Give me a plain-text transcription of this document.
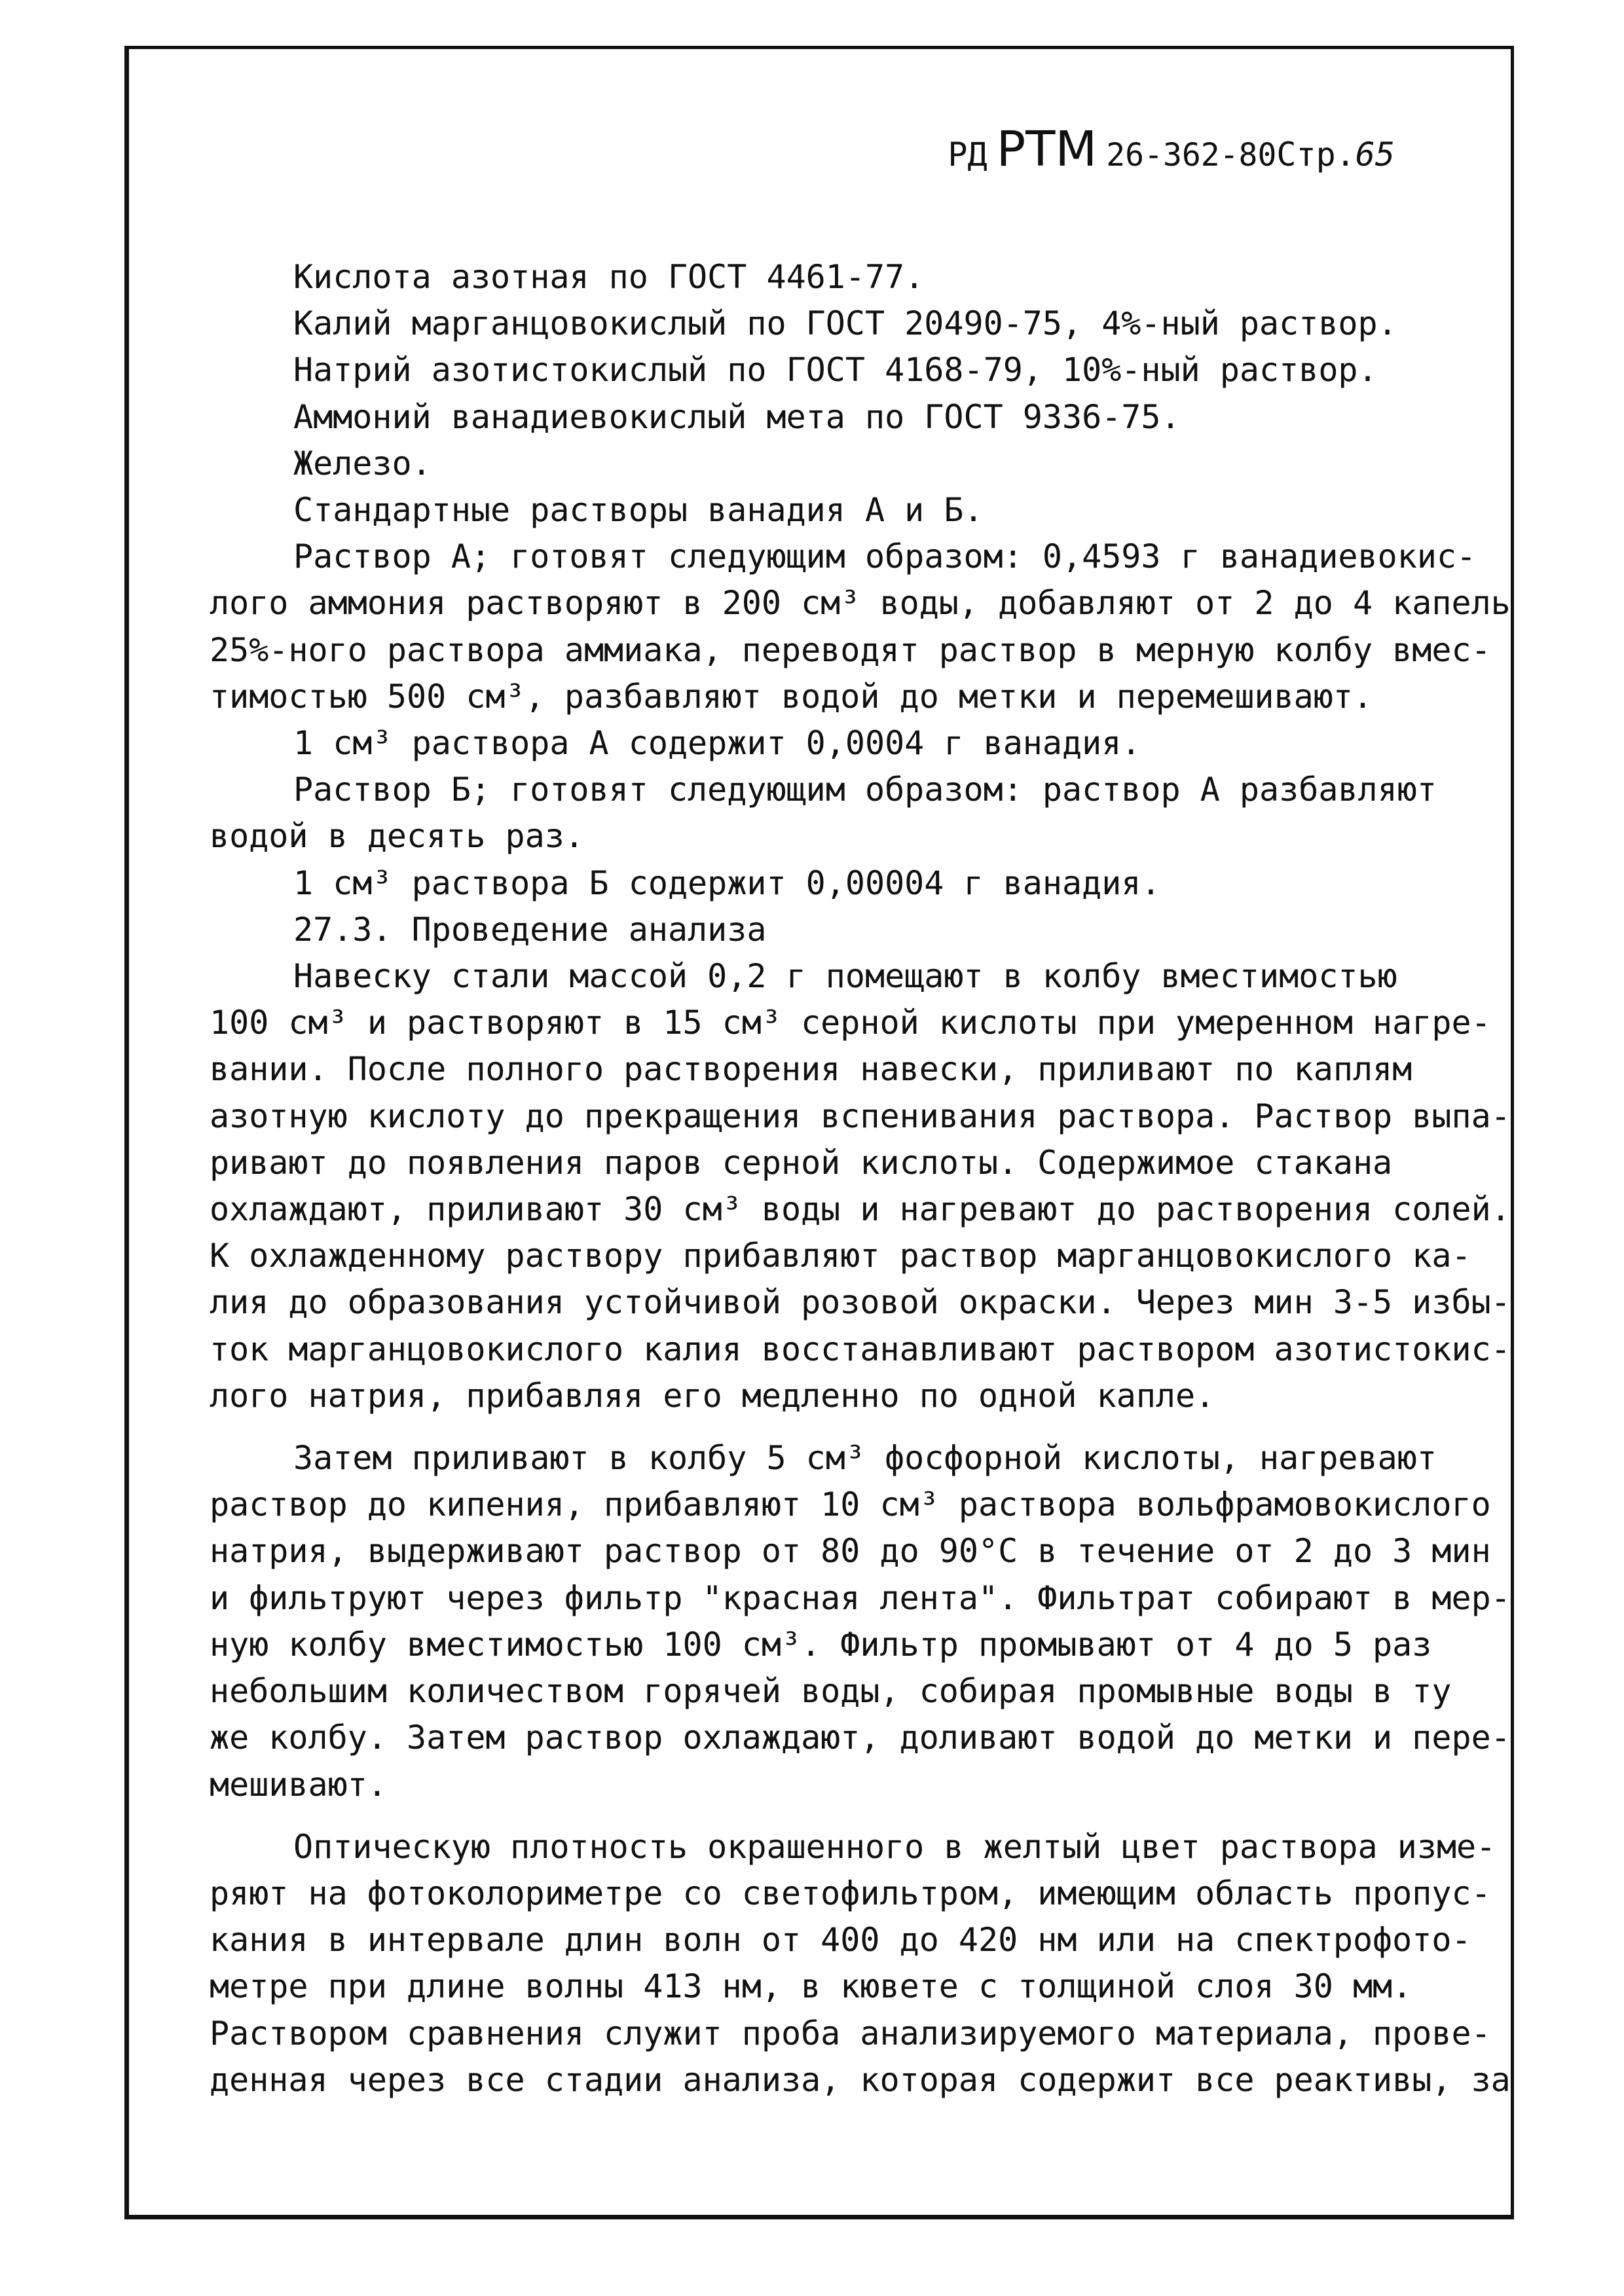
РД РТМ 26-362-80Стр.65
Кислота азотная по ГОСТ 4461-77.
Калий марганцовокислый по ГОСТ 20490-75, 4%-ный раствор.
Натрий азотистокислый по ГОСТ 4168-79, 10%-ный раствор.
Аммоний ванадиевокислый мета по ГОСТ 9336-75.
Железо.
Стандартные растворы ванадия А и Б.
Раствор А; готовят следующим образом: 0,4593 г ванадиевокис-
лого аммония растворяют в 200 см³ воды, добавляют от 2 до 4 капель
25%-ного раствора аммиака, переводят раствор в мерную колбу вмес-
тимостью 500 см³, разбавляют водой до метки и перемешивают.
1 см³ раствора А содержит 0,0004 г ванадия.
Раствор Б; готовят следующим образом: раствор А разбавляют
водой в десять раз.
1 см³ раствора Б содержит 0,00004 г ванадия.
27.3. Проведение анализа
Навеску стали массой 0,2 г помещают в колбу вместимостью
100 см³ и растворяют в 15 см³ серной кислоты при умеренном нагре-
вании. После полного растворения навески, приливают по каплям
азотную кислоту до прекращения вспенивания раствора. Раствор выпа-
ривают до появления паров серной кислоты. Содержимое стакана
охлаждают, приливают 30 см³ воды и нагревают до растворения солей.
К охлажденному раствору прибавляют раствор марганцовокислого ка-
лия до образования устойчивой розовой окраски. Через мин 3-5 избы-
ток марганцовокислого калия восстанавливают раствором азотистокис-
лого натрия, прибавляя его медленно по одной капле.
Затем приливают в колбу 5 см³ фосфорной кислоты, нагревают
раствор до кипения, прибавляют 10 см³ раствора вольфрамовокислого
натрия, выдерживают раствор от 80 до 90°С в течение от 2 до 3 мин
и фильтруют через фильтр "красная лента". Фильтрат собирают в мер-
ную колбу вместимостью 100 см³. Фильтр промывают от 4 до 5 раз
небольшим количеством горячей воды, собирая промывные воды в ту
же колбу. Затем раствор охлаждают, доливают водой до метки и пере-
мешивают.
Оптическую плотность окрашенного в желтый цвет раствора изме-
ряют на фотоколориметре со светофильтром, имеющим область пропус-
кания в интервале длин волн от 400 до 420 нм или на спектрофото-
метре при длине волны 413 нм, в кювете с толщиной слоя 30 мм.
Раствором сравнения служит проба анализируемого материала, прове-
денная через все стадии анализа, которая содержит все реактивы, за
